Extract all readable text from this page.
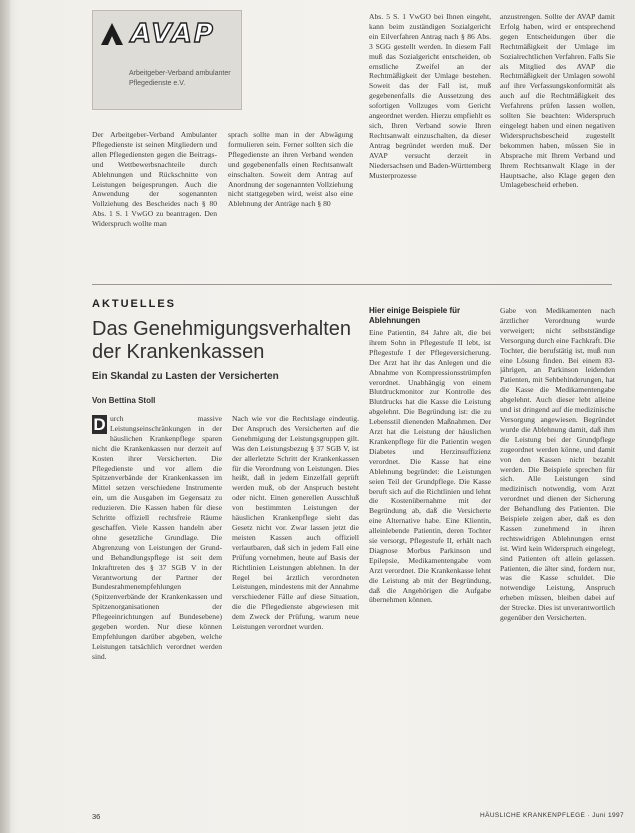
AVAP
Arbeitgeber-Verband ambulanter Pflegedienste e.V.

Der Arbeitgeber-Verband Ambulanter Pflegedienste ist seinen Mitgliedern und allen Pflegediensten gegen die Beitrags- und Wettbewerbsnachteile durch Ablehnungen und Rückschnitte von Leistungen beigesprungen. Auch die Anwendung der sogenannten Vollziehung des Bescheides nach § 80 Abs. 1 S. 1 VwGO zu beantragen. Den Widerspruch wollte man

sprach sollte man in der Abwägung formulieren sein. Ferner sollten sich die Pflegedienste an ihren Verband wenden und gegebenenfalls einen Rechtsanwalt einschalten. Soweit dem Antrag auf Anordnung der sogenannten Vollziehung nicht stattgegeben wird, weist also eine Ablehnung der Anträge nach § 80

Abs. 5 S. 1 VwGO bei Ihnen eingeht, kann beim zuständigen Sozialgericht ein Eilverfahren Antrag nach § 86 Abs. 3 SGG gestellt werden. In diesem Fall muß das Sozialgericht entscheiden, ob ernstliche Zweifel an der Rechtmäßigkeit der Umlage bestehen. Soweit das der Fall ist, muß gegebenenfalls die Aussetzung des sofortigen Vollzuges vom Gericht angeordnet werden. Hierzu empfiehlt es sich, Ihren Verband sowie Ihren Rechtsanwalt einzuschalten, da dieser Antrag begründet werden muß. Der AVAP versucht derzeit in Niedersachsen und Baden-Württemberg Musterprozesse

anzustrengen. Sollte der AVAP damit Erfolg haben, wird er entsprechend gegen Entscheidungen über die Rechtmäßigkeit der Umlage im Sozialrechtlichen Verfahren. Falls Sie als Mitglied des AVAP die Rechtmäßigkeit der Umlagen sowohl auf ihre Verfassungskonformität als auch auf die Rechtmäßigkeit des Verfahrens prüfen lassen wollen, sollten Sie beachten: Widerspruch eingelegt haben und einen negativen Widerspruchsbescheid zugestellt bekommen haben, müssen Sie in Absprache mit Ihrem Verband und Ihrem Rechtsanwalt Klage in der Hauptsache, also Klage gegen den Umlagebescheid erheben.

AKTUELLES
Das Genehmigungsverhalten der Krankenkassen
Ein Skandal zu Lasten der Versicherten
Von Bettina Stoll

D urch massive Leistungseinschränkungen in der häuslichen Krankenpflege sparen nicht die Krankenkassen nur derzeit auf Kosten ihrer Versicherten. Die Pflegedienste und vor allem die Spitzenverbände der Krankenkassen im Mittel setzen verschiedene Instrumente ein, um die Ausgaben im Gegensatz zu reduzieren. Die Kassen haben für diese Schritte offiziell rechtsfreie Räume geschaffen. Viele Kassen handeln aber ohne gesetzliche Grundlage. Die Abgrenzung von Leistungen der Grund- und Behandlungspflege ist seit dem Inkrafttreten des § 37 SGB V in der Verantwortung der Partner der Bundesrahmenempfehlungen (Spitzenverbände der Krankenkassen und Spitzenorganisationen der Pflegeeinrichtungen auf Bundesebene) gegeben worden. Nur diese können Empfehlungen darüber abgeben, welche Leistungen tatsächlich verordnet werden sind.

Nach wie vor die Rechtslage eindeutig. Der Anspruch des Versicherten auf die Genehmigung der Leistungsgruppen gilt. Was den Leistungsbezug § 37 SGB V, ist der allerletzte Schritt der Krankenkassen für die Verordnung von Leistungen. Dies heißt, daß in jedem Einzelfall geprüft werden muß, ob der Anspruch besteht oder nicht. Einen generellen Ausschluß von bestimmten Leistungen der häuslichen Krankenpflege sieht das Gesetz nicht vor. Zwar lassen jetzt die meisten Kassen auch offiziell verlautbaren, daß sich in jedem Fall eine Prüfung vornehmen, heute auf Basis der Richtlinien Leistungen ablehnen. In der Regel bei ärztlich verordneten Leistungen, mindestens mit der Annahme verschiedener Fälle auf diese Situation, die die Pflegedienste abgewiesen mit dem Zweck der Prüfung, warum neue Leistungen verordnet wurden.

Hier einige Beispiele für Ablehnungen

Eine Patientin, 84 Jahre alt, die bei ihrem Sohn in Pflegestufe II lebt, ist Pflegestufe I der Pflegeversicherung. Der Arzt hat ihr das Anlegen und die Abnahme von Kompressionsstrümpfen verordnet. Unabhängig von einem Blutdruckmonitor zur Kontrolle des Blutdrucks hat die Kasse die Leistung abgelehnt. Die Begründung ist: die zu Lebensstil dienenden Maßnahmen. Der Arzt hat die Leistung der häuslichen Krankenpflege für die Patientin wegen Diabetes und Herzinsuffizienz verordnet. Die Kasse hat eine Ablehnung begründet: die Leistungen seien Teil der Grundpflege. Die Kasse beruft sich auf die Richtlinien und lehnt die Kostenübernahme mit der Begründung ab, daß die Versicherte eine Alternative habe. Eine Klientin, alleinlebende Patientin, deren Tochter sie versorgt, Pflegestufe II, erhält nach Diagnose Morbus Parkinson und Epilepsie, Medikamentengabe vom Arzt verordnet. Die Krankenkasse lehnt die Leistung ab mit der Begründung, daß die Angehörigen die Aufgabe übernehmen können.

Gabe von Medikamenten nach ärztlicher Verordnung wurde verweigert; nicht selbstständige Versorgung durch eine Fachkraft. Die Tochter, die berufstätig ist, muß nun eine Lösung finden. Bei einem 83-jährigen, an Parkinson leidenden Patienten, mit Sehbehinderungen, hat die Kasse die Medikamentengabe abgelehnt. Auch dieser lebt alleine und ist dringend auf die medizinische Versorgung angewiesen. Begründet wurde die Ablehnung damit, daß ihm die Leistung bei der Grundpflege zugeordnet werden könne, und damit von den Kassen nicht bezahlt werden. Die Beispiele sprechen für sich. Alle Leistungen sind medizinisch notwendig, vom Arzt verordnet und dienen der Sicherung der Behandlung des Patienten. Die Beispiele zeigen aber, daß es den Kassen zunehmend in ihren rechtswidrigen Ablehnungen ernst ist. Wird kein Widerspruch eingelegt, sind Patienten oft allein gelassen. Patienten, die älter sind, fordern nur, was die Kasse schuldet. Die notwendige Leistung, Anspruch erheben müssen, bleiben dabei auf der Strecke. Dies ist unverantwortlich gegenüber den Versicherten.

36	HÄUSLICHE KRANKENPFLEGE · Juni 1997
